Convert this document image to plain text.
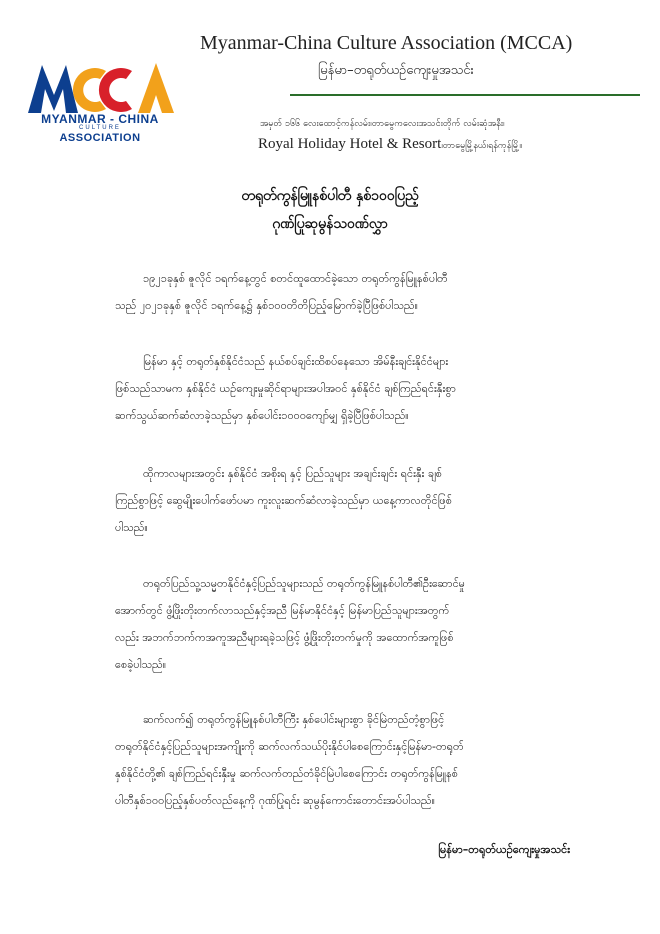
MYANMAR - CHINA
CULTURE
ASSOCIATION
Myanmar-China Culture Association (MCCA)
မြန်မာ–တရုတ်ယဉ်ကျေးမှုအသင်း
အမှတ် ၁၆၆ လေးထောင့်ကန်လမ်း၊တာမွေကလေးအသင်းတိုက် လမ်းဆုံအနီး၊
Royal Holiday Hotel & Resort၊တာမွေမြို့နယ်၊ရန်ကုန်မြို့။
တရုတ်ကွန်မြူနစ်ပါတီ နှစ်၁၀၀ပြည့်
ဂုဏ်ပြုဆုမွန်သဝဏ်လွှာ
၁၉၂၁ခုနှစ် ဇူလိုင် ၁ရက်နေ့တွင် စတင်ထူထောင်ခဲ့သော တရုတ်ကွန်မြူနစ်ပါတီ
သည် ၂၀၂၁ခုနှစ် ဇူလိုင် ၁ရက်နေ့၌ နှစ်၁၀၀တိတိပြည့်မြောက်ခဲ့ပြီဖြစ်ပါသည်။
မြန်မာ နှင့် တရုတ်နှစ်နိုင်ငံသည် နယ်စပ်ချင်းထိစပ်နေသော အိမ်နီးချင်းနိုင်ငံများ
ဖြစ်သည်သာမက နှစ်နိုင်ငံ ယဉ်ကျေးမှုဆိုင်ရာများအပါအဝင် နှစ်နိုင်ငံ ချစ်ကြည်ရင်းနှီးစွာ
ဆက်သွယ်ဆက်ဆံလာခဲ့သည်မှာ နှစ်ပေါင်း၁၀၀၀ကျော်မျှ ရှိခဲ့ပြီဖြစ်ပါသည်။
ထိုကာလများအတွင်း နှစ်နိုင်ငံ အစိုးရ နှင့် ပြည်သူများ အချင်းချင်း ရင်းနှီး ချစ်
ကြည်စွာဖြင့် ဆွေမျိုးပေါက်ဖော်ပမာ ကူးလူးဆက်ဆံလာခဲ့သည်မှာ ယနေ့ကာလတိုင်ဖြစ်
ပါသည်။
တရုတ်ပြည်သူ့သမ္မတနိုင်ငံနှင့်ပြည်သူများသည် တရုတ်ကွန်မြူနစ်ပါတီ၏ဦးဆောင်မှု
အောက်တွင် ဖွံ့ဖြိုးတိုးတက်လာသည်နှင့်အညီ မြန်မာနိုင်ငံနှင့် မြန်မာပြည်သူများအတွက်
လည်း အဘက်ဘက်ကအကူအညီများရခဲ့သဖြင့် ဖွံ့ဖြိုးတိုးတက်မှုကို အထောက်အကူဖြစ်
စေခဲ့ပါသည်။
ဆက်လက်၍ တရုတ်ကွန်မြူနစ်ပါတီကြီး နှစ်ပေါင်းများစွာ ခိုင်မြဲတည်တံ့စွာဖြင့်
တရုတ်နိုင်ငံနှင့်ပြည်သူများအကျိုးကို ဆက်လက်သယ်ပိုးနိုင်ပါစေကြောင်းနှင့်မြန်မာ-တရုတ်
နှစ်နိုင်ငံတို့၏ ချစ်ကြည်ရင်းနှီးမှု ဆက်လက်တည်တံခိုင်မြဲပါစေကြောင်း တရုတ်ကွန်မြူနစ်
ပါတီနှစ်၁၀၀ပြည့်နှစ်ပတ်လည်နေ့ကို ဂုဏ်ပြုရင်း ဆုမွန်ကောင်းတောင်းအပ်ပါသည်။
မြန်မာ–တရုတ်ယဉ်ကျေးမှုအသင်း
